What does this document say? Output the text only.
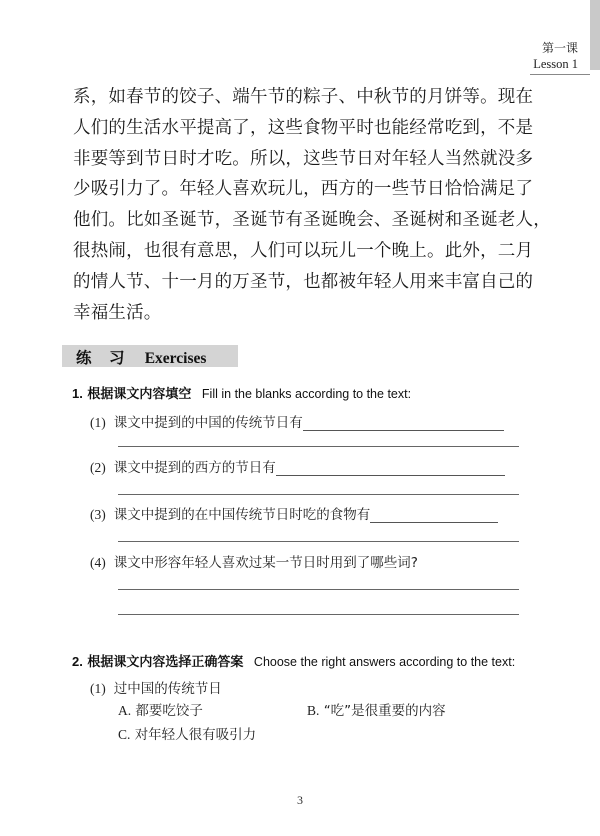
第一课
Lesson 1
系，如春节的饺子、端午节的粽子、中秋节的月饼等。现在
人们的生活水平提高了，这些食物平时也能经常吃到，不是
非要等到节日时才吃。所以，这些节日对年轻人当然就没多
少吸引力了。年轻人喜欢玩儿，西方的一些节日恰恰满足了
他们。比如圣诞节，圣诞节有圣诞晚会、圣诞树和圣诞老人，
很热闹，也很有意思，人们可以玩儿一个晚上。此外，二月
的情人节、十一月的万圣节，也都被年轻人用来丰富自己的
幸福生活。
练　习 Exercises
1. 根据课文内容填空 Fill in the blanks according to the text:
(1) 课文中提到的中国的传统节日有
(2) 课文中提到的西方的节日有
(3) 课文中提到的在中国传统节日时吃的食物有
(4) 课文中形容年轻人喜欢过某一节日时用到了哪些词?
2. 根据课文内容选择正确答案 Choose the right answers according to the text:
(1) 过中国的传统节日
A. 都要吃饺子	B. “吃”是很重要的内容
C. 对年轻人很有吸引力
3
